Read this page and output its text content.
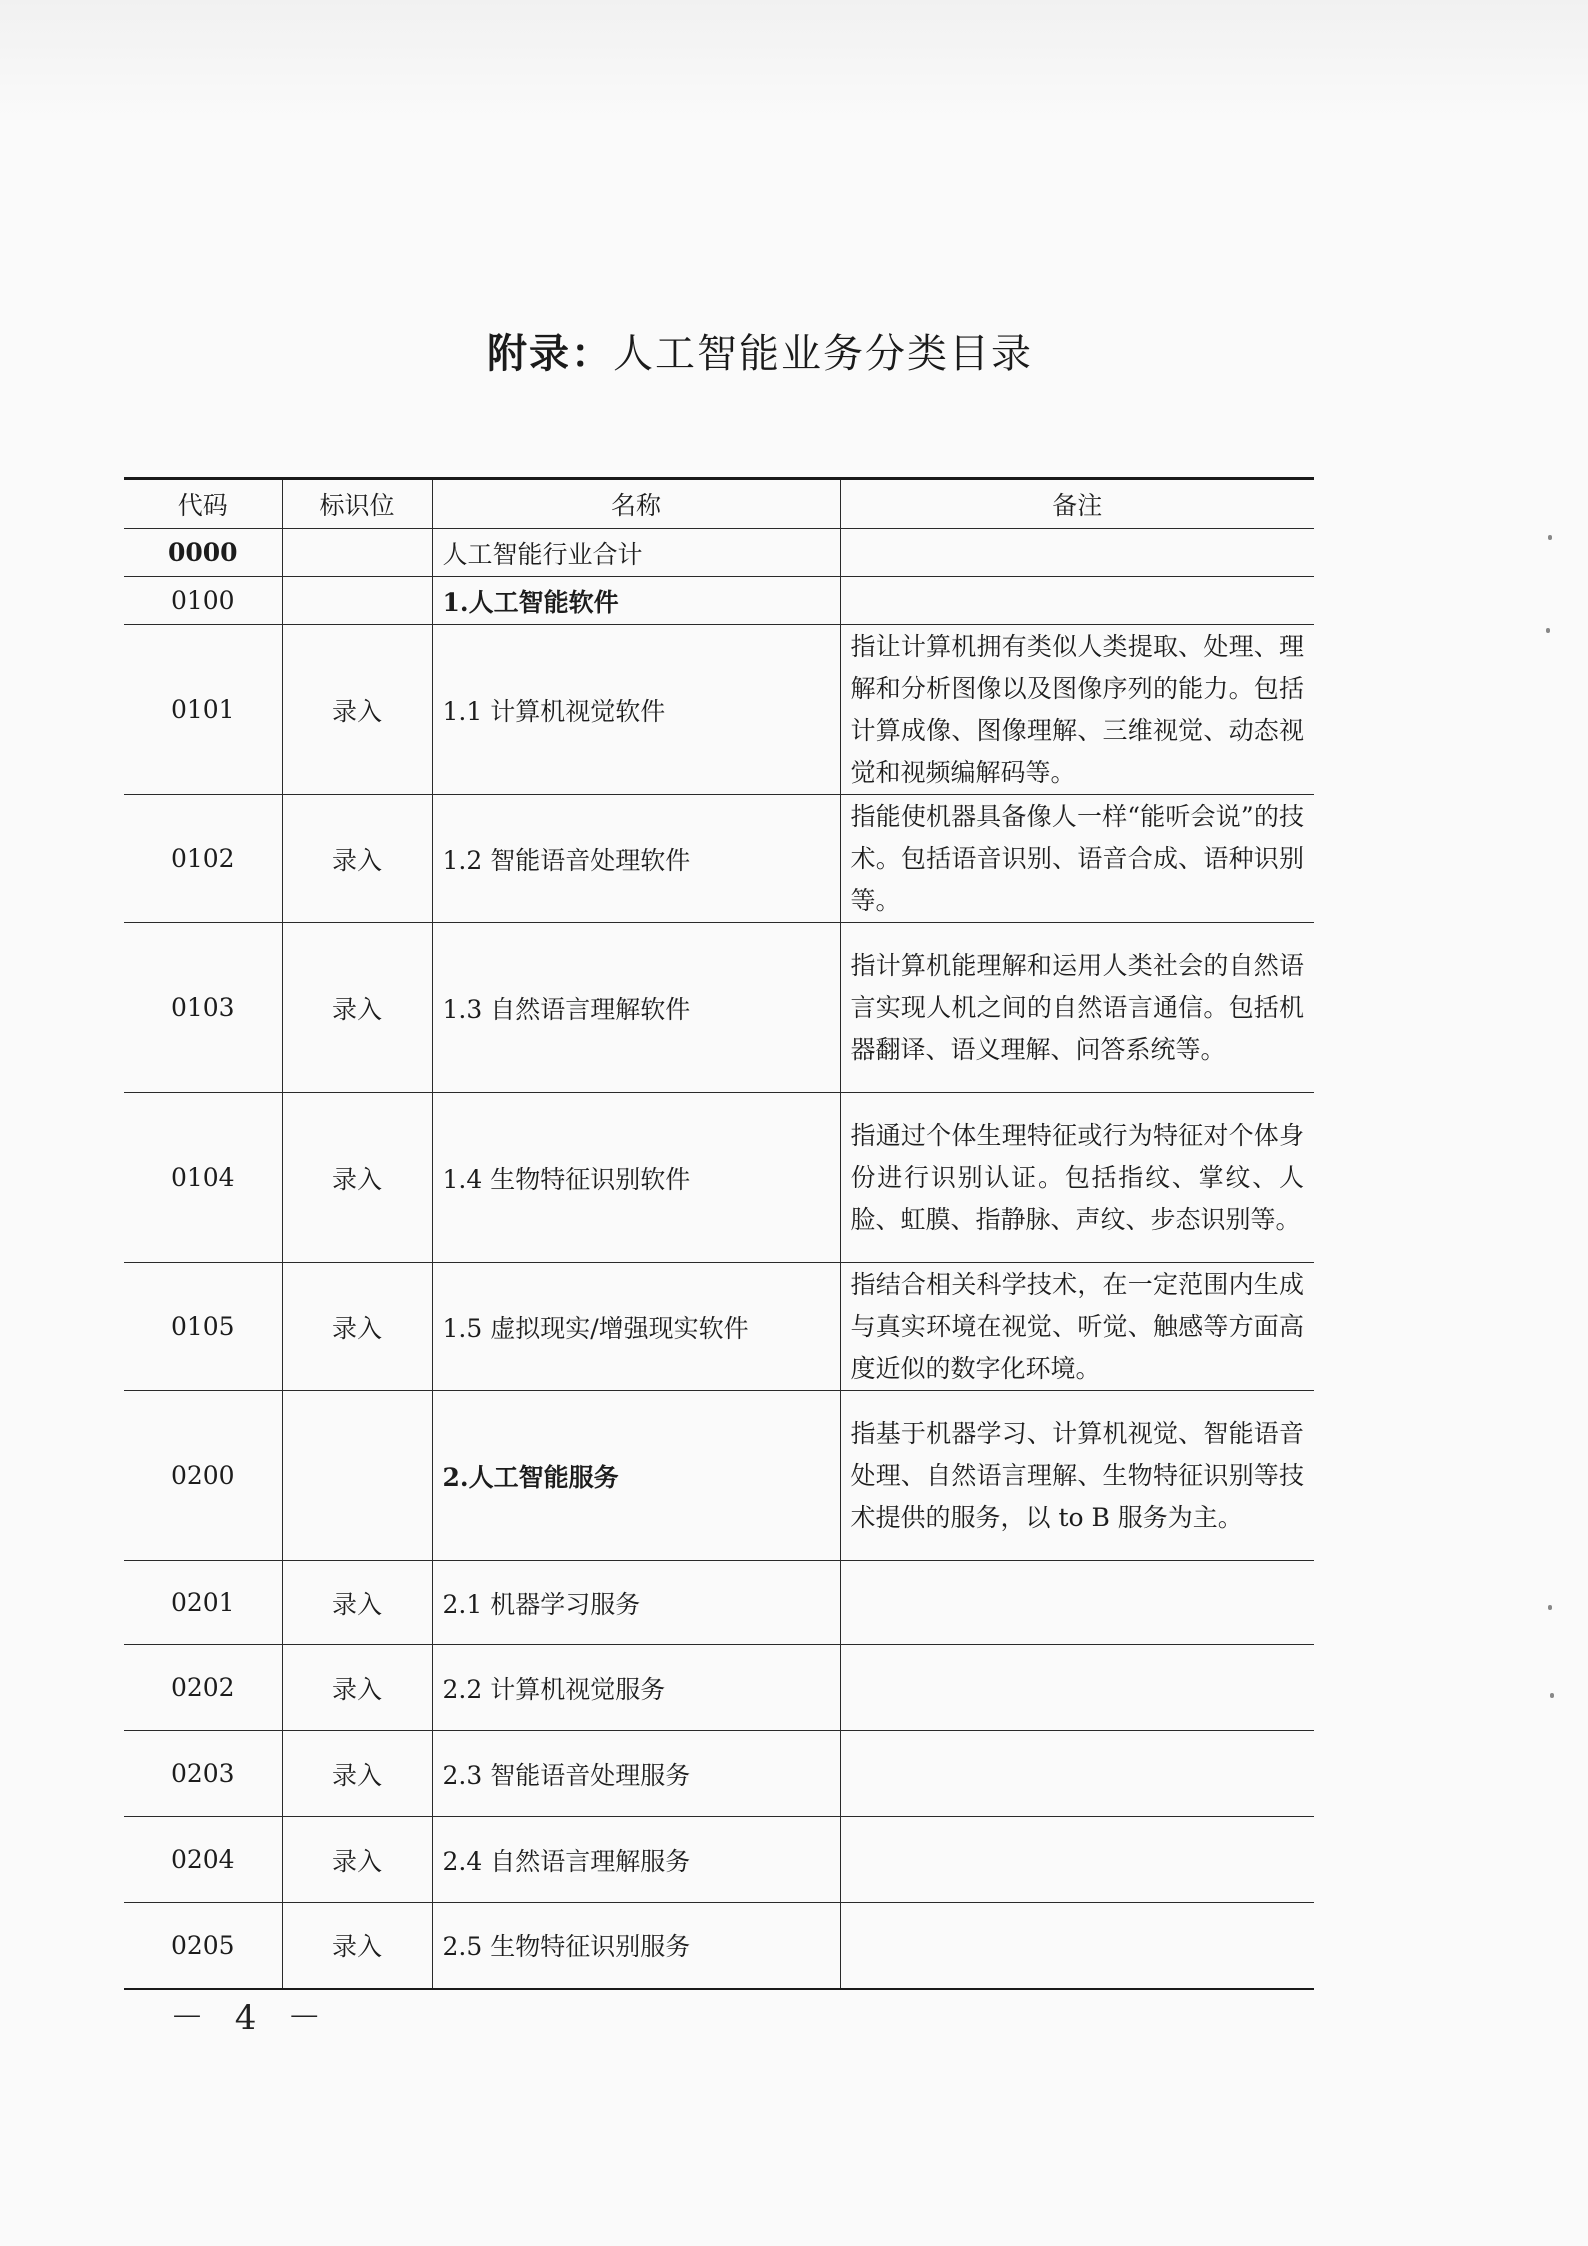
附录：人工智能业务分类目录
代码	标识位	名称	备注
0000		人工智能行业合计	
0100		1.人工智能软件	
0101	录入	1.1 计算机视觉软件	指让计算机拥有类似人类提取、处理、理解和分析图像以及图像序列的能力。包括计算成像、图像理解、三维视觉、动态视觉和视频编解码等。
0102	录入	1.2 智能语音处理软件	指能使机器具备像人一样“能听会说”的技术。包括语音识别、语音合成、语种识别等。
0103	录入	1.3 自然语言理解软件	指计算机能理解和运用人类社会的自然语言实现人机之间的自然语言通信。包括机器翻译、语义理解、问答系统等。
0104	录入	1.4 生物特征识别软件	指通过个体生理特征或行为特征对个体身份进行识别认证。包括指纹、掌纹、人脸、虹膜、指静脉、声纹、步态识别等。
0105	录入	1.5 虚拟现实/增强现实软件	指结合相关科学技术，在一定范围内生成与真实环境在视觉、听觉、触感等方面高度近似的数字化环境。
0200		2.人工智能服务	指基于机器学习、计算机视觉、智能语音处理、自然语言理解、生物特征识别等技术提供的服务，以 to B 服务为主。
0201	录入	2.1 机器学习服务	
0202	录入	2.2 计算机视觉服务	
0203	录入	2.3 智能语音处理服务	
0204	录入	2.4 自然语言理解服务	
0205	录入	2.5 生物特征识别服务	
－ 4 －
